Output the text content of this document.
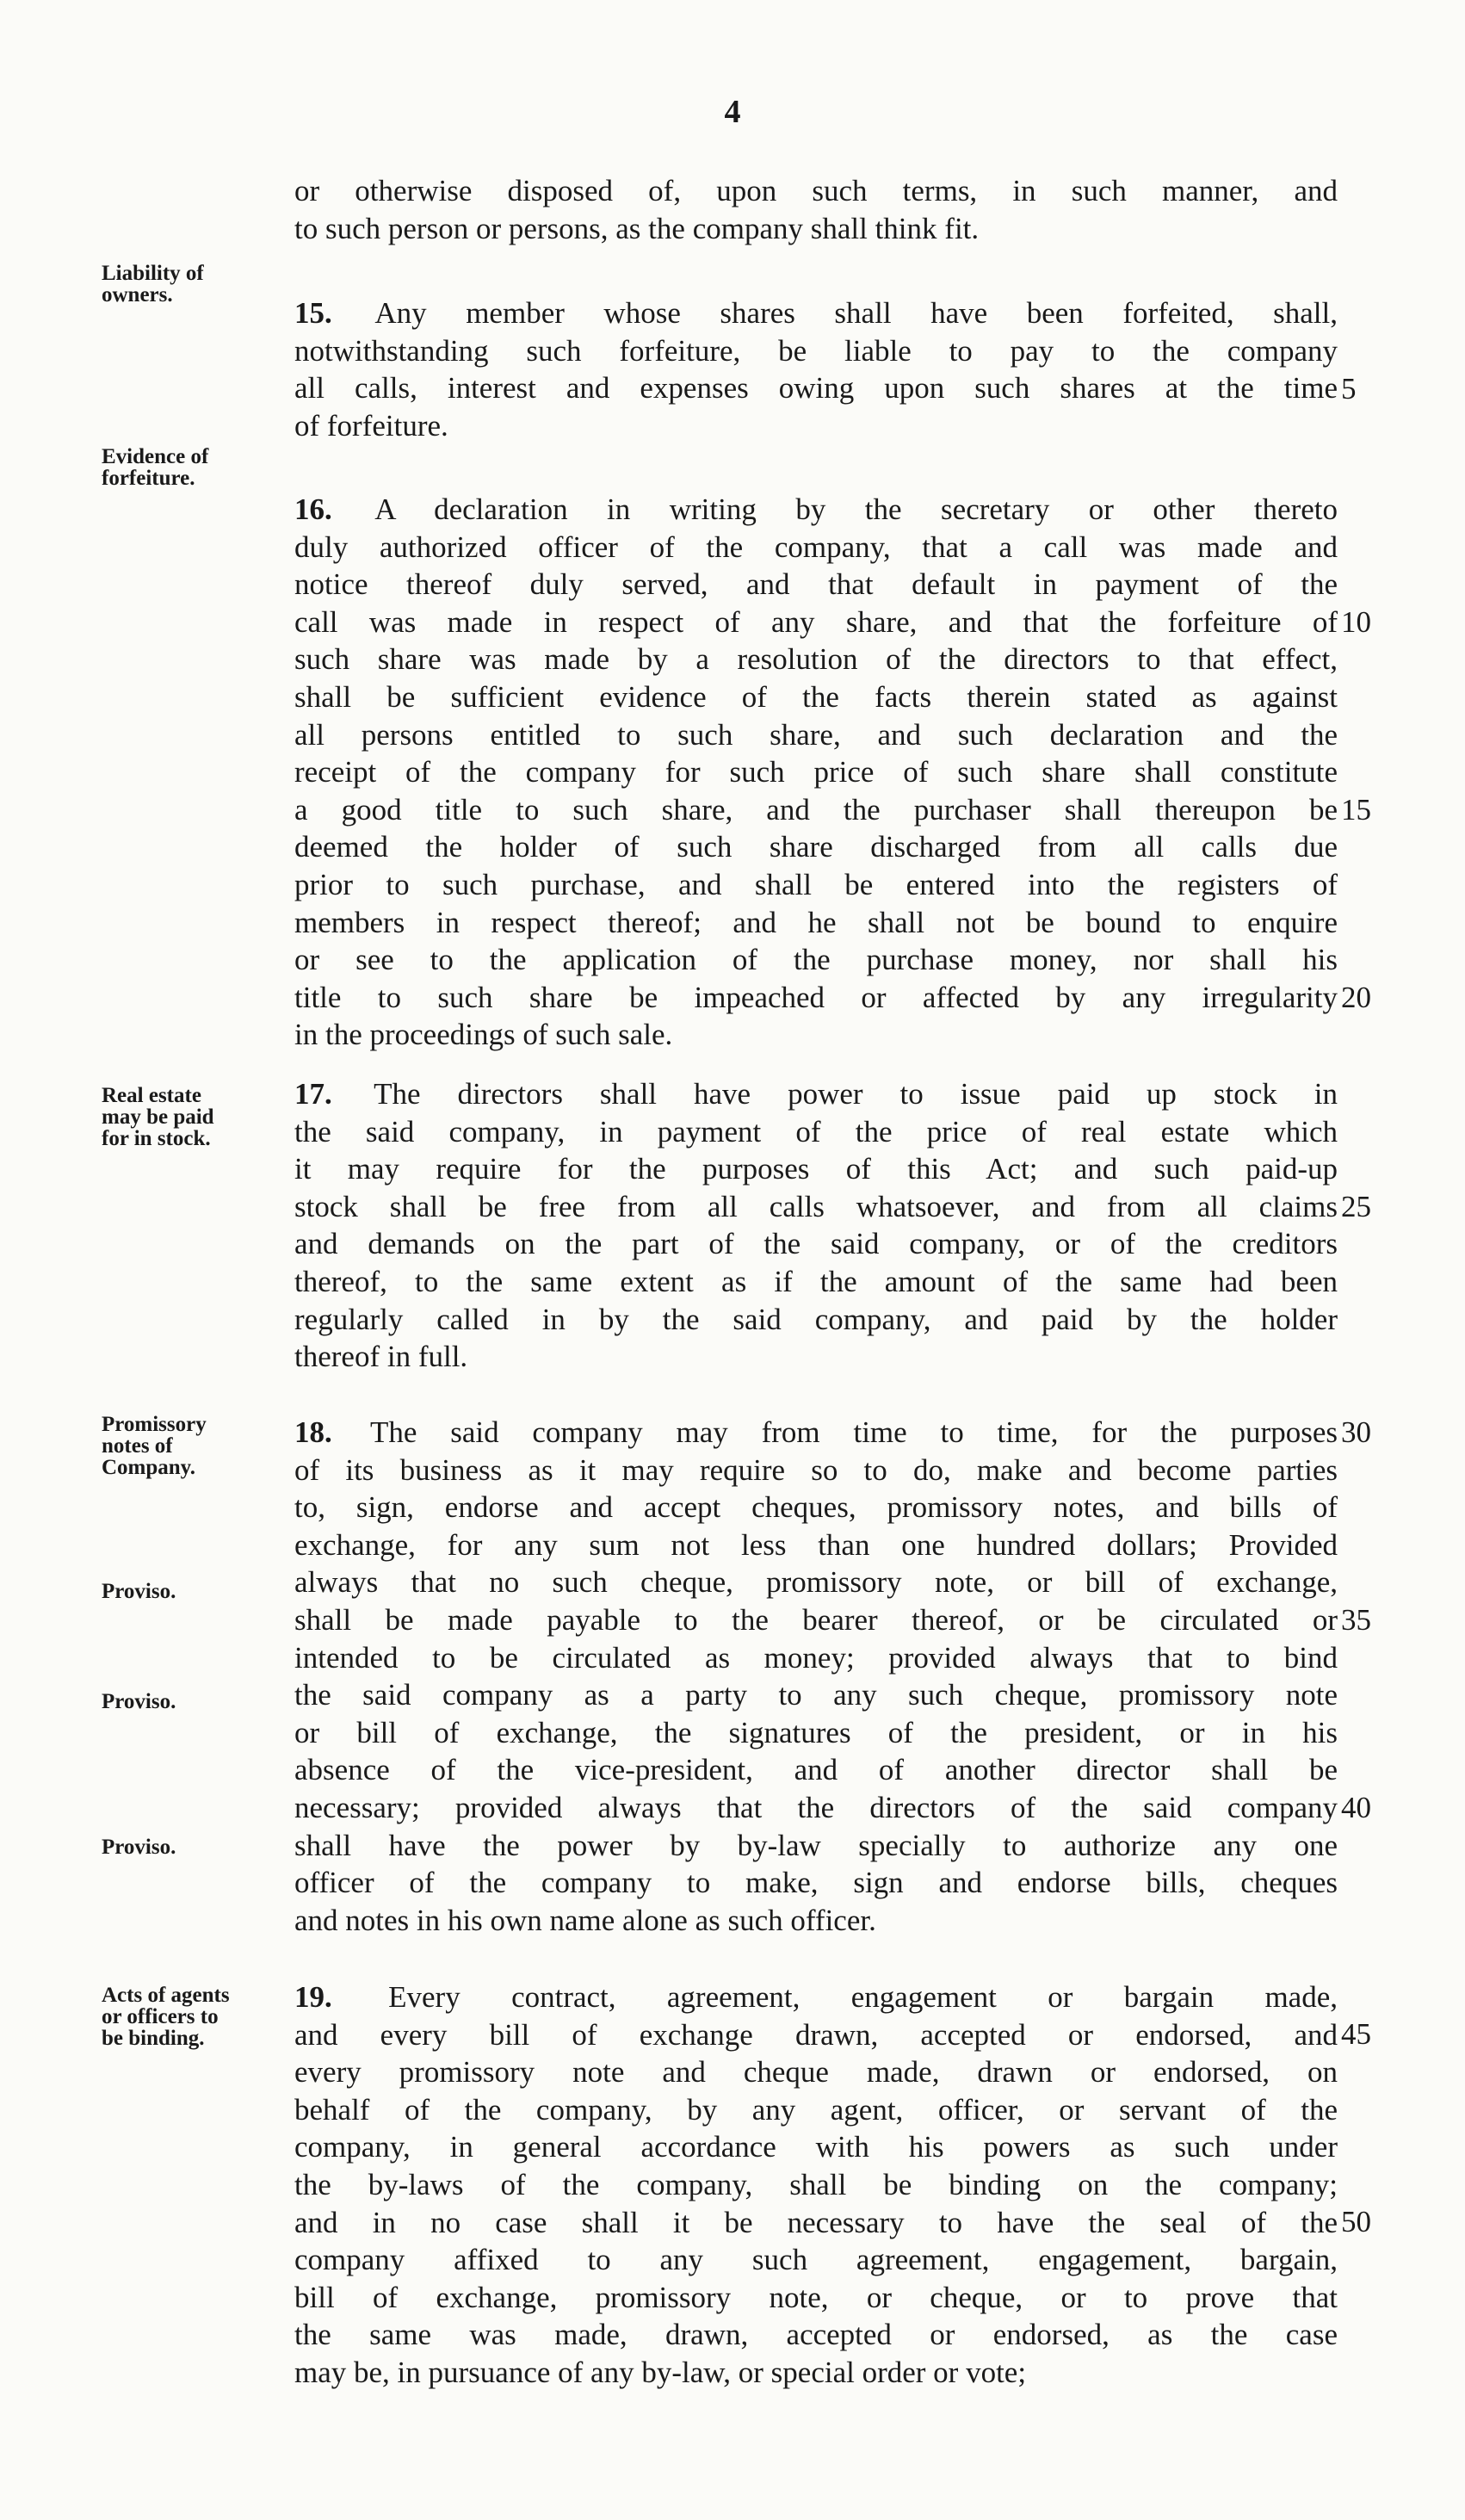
4
or otherwise disposed of, upon such terms, in such manner, and
to such person or persons, as the company shall think fit.
15. Any member whose shares shall have been forfeited, shall,
notwithstanding such forfeiture, be liable to pay to the company
all calls, interest and expenses owing upon such shares at the time
of forfeiture.
16. A declaration in writing by the secretary or other thereto
duly authorized officer of the company, that a call was made and
notice thereof duly served, and that default in payment of the
call was made in respect of any share, and that the forfeiture of
such share was made by a resolution of the directors to that effect,
shall be sufficient evidence of the facts therein stated as against
all persons entitled to such share, and such declaration and the
receipt of the company for such price of such share shall constitute
a good title to such share, and the purchaser shall thereupon be
deemed the holder of such share discharged from all calls due
prior to such purchase, and shall be entered into the registers of
members in respect thereof; and he shall not be bound to enquire
or see to the application of the purchase money, nor shall his
title to such share be impeached or affected by any irregularity
in the proceedings of such sale.
17. The directors shall have power to issue paid up stock in
the said company, in payment of the price of real estate which
it may require for the purposes of this Act; and such paid-up
stock shall be free from all calls whatsoever, and from all claims
and demands on the part of the said company, or of the creditors
thereof, to the same extent as if the amount of the same had been
regularly called in by the said company, and paid by the holder
thereof in full.
18. The said company may from time to time, for the purposes
of its business as it may require so to do, make and become parties
to, sign, endorse and accept cheques, promissory notes, and bills of
exchange, for any sum not less than one hundred dollars; Provided
always that no such cheque, promissory note, or bill of exchange,
shall be made payable to the bearer thereof, or be circulated or
intended to be circulated as money; provided always that to bind
the said company as a party to any such cheque, promissory note
or bill of exchange, the signatures of the president, or in his
absence of the vice-president, and of another director shall be
necessary; provided always that the directors of the said company
shall have the power by by-law specially to authorize any one
officer of the company to make, sign and endorse bills, cheques
and notes in his own name alone as such officer.
19. Every contract, agreement, engagement or bargain made,
and every bill of exchange drawn, accepted or endorsed, and
every promissory note and cheque made, drawn or endorsed, on
behalf of the company, by any agent, officer, or servant of the
company, in general accordance with his powers as such under
the by-laws of the company, shall be binding on the company;
and in no case shall it be necessary to have the seal of the
company affixed to any such agreement, engagement, bargain,
bill of exchange, promissory note, or cheque, or to prove that
the same was made, drawn, accepted or endorsed, as the case
may be, in pursuance of any by-law, or special order or vote;
Liability of
owners.
Evidence of
forfeiture.
Real estate
may be paid
for in stock.
Promissory
notes of
Company.
Proviso.
Proviso.
Proviso.
Acts of agents
or officers to
be binding.
5
10
15
20
25
30
35
40
45
50
